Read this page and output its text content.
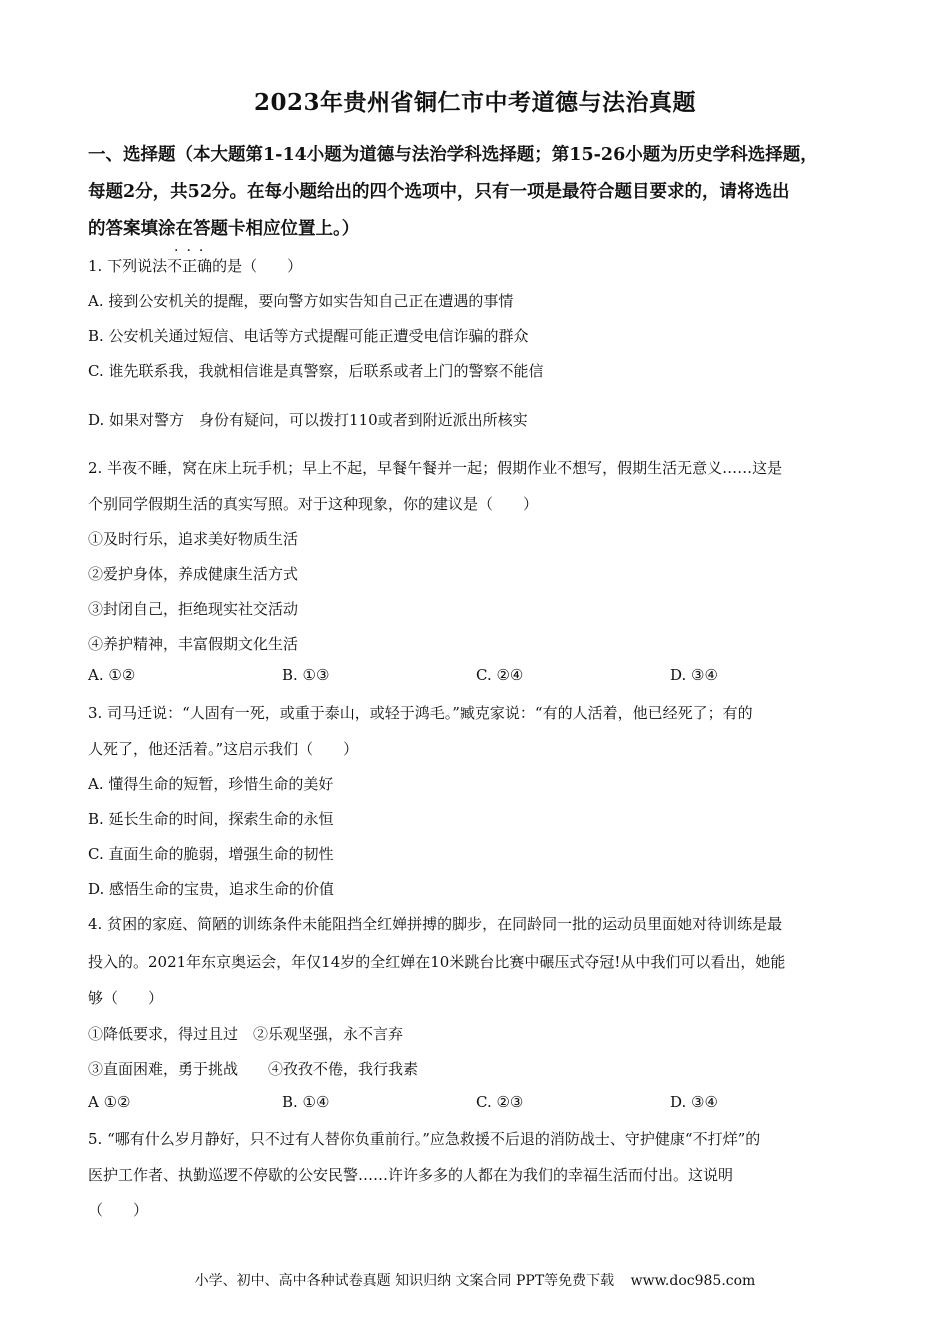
2023年贵州省铜仁市中考道德与法治真题
一、选择题（本大题第1-14小题为道德与法治学科选择题；第15-26小题为历史学科选择题，
每题2分，共52分。在每小题给出的四个选项中，只有一项是最符合题目要求的，请将选出
的答案填涂在答题卡相应位置上。）
···
1. 下列说法不正确的是（　　）
A. 接到公安机关的提醒，要向警方如实告知自己正在遭遇的事情
B. 公安机关通过短信、电话等方式提醒可能正遭受电信诈骗的群众
C. 谁先联系我，我就相信谁是真警察，后联系或者上门的警察不能信
D. 如果对警方　身份有疑问，可以拨打110或者到附近派出所核实
2. 半夜不睡，窝在床上玩手机；早上不起，早餐午餐并一起；假期作业不想写，假期生活无意义……这是
个别同学假期生活的真实写照。对于这种现象，你的建议是（　　）
①及时行乐，追求美好物质生活
②爱护身体，养成健康生活方式
③封闭自己，拒绝现实社交活动
④养护精神，丰富假期文化生活
A. ①②	B. ①③	C. ②④	D. ③④
3. 司马迁说：“人固有一死，或重于泰山，或轻于鸿毛。”臧克家说：“有的人活着，他已经死了；有的
人死了，他还活着。”这启示我们（　　）
A. 懂得生命的短暂，珍惜生命的美好
B. 延长生命的时间，探索生命的永恒
C. 直面生命的脆弱，增强生命的韧性
D. 感悟生命的宝贵，追求生命的价值
4. 贫困的家庭、简陋的训练条件未能阻挡全红婵拼搏的脚步，在同龄同一批的运动员里面她对待训练是最
投入的。2021年东京奥运会，年仅14岁的全红婵在10米跳台比赛中碾压式夺冠!从中我们可以看出，她能
够（　　）
①降低要求，得过且过　②乐观坚强，永不言弃
③直面困难，勇于挑战　　④孜孜不倦，我行我素
A ①②	B. ①④	C. ②③	D. ③④
5. “哪有什么岁月静好，只不过有人替你负重前行。”应急救援不后退的消防战士、守护健康“不打烊”的
医护工作者、执勤巡逻不停歇的公安民警……许许多多的人都在为我们的幸福生活而付出。这说明
（　　）
小学、初中、高中各种试卷真题 知识归纳 文案合同 PPT等免费下载 www.doc985.com
